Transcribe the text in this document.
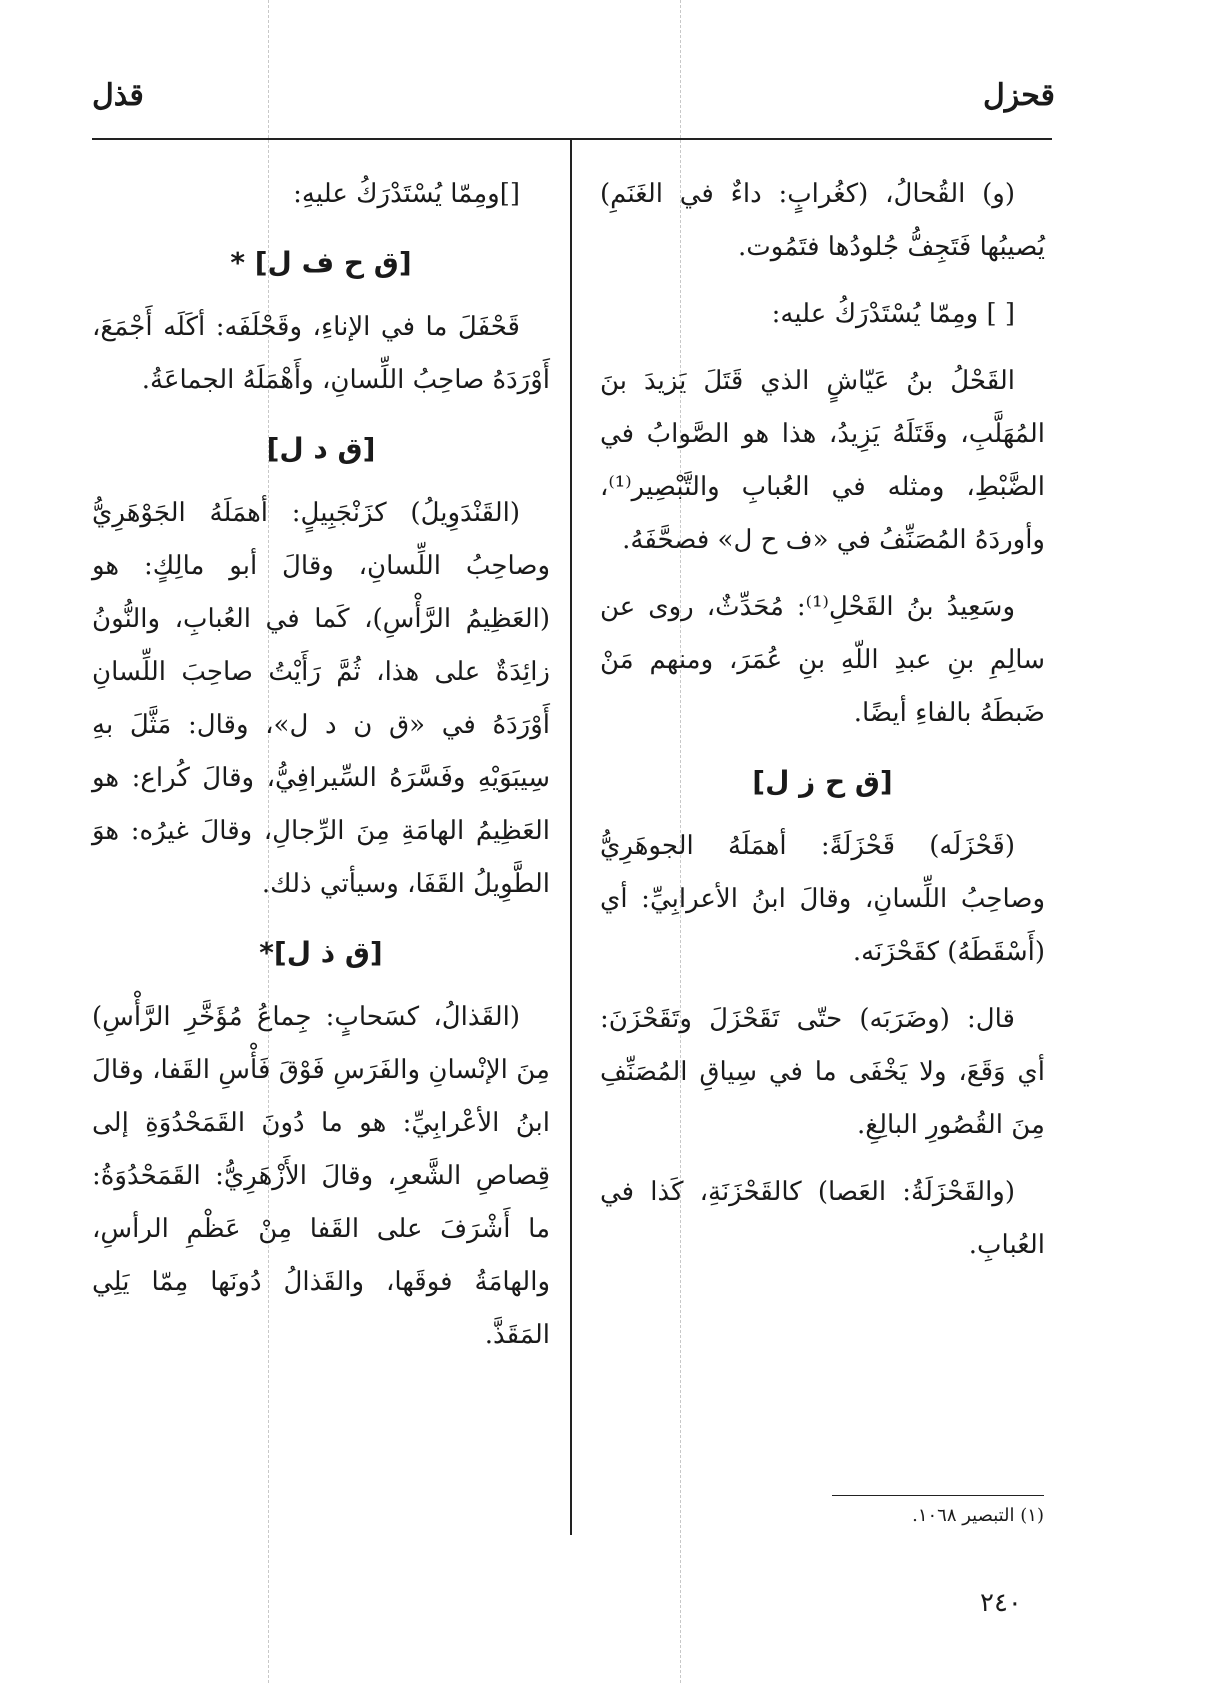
قحزل
قذل

(و) القُحالُ، (كغُرابٍ: داءٌ في الغَنَمِ) يُصيبُها فَتَجِفُّ جُلودُها فتَمُوت.

[ ] ومِمّا يُسْتَدْرَكُ عليه:

القَحْلُ بنُ عَيّاشٍ الذي قَتَلَ يَزيدَ بنَ المُهَلَّبِ، وقَتَلَهُ يَزِيدُ، هذا هو الصَّوابُ في الضَّبْطِ، ومثله في العُبابِ والتَّبْصِير⁽¹⁾، وأوردَهُ المُصَنِّفُ في «ف ح ل» فصحَّفَهُ.

وسَعِيدُ بنُ القَحْلِ⁽¹⁾: مُحَدِّثٌ، روى عن سالِمِ بنِ عبدِ اللّهِ بنِ عُمَرَ، ومنهم مَنْ ضَبطَهُ بالفاءِ أيضًا.

[ق ح ز ل]

(قَحْزَلَه) قَحْزَلَةً: أهمَلَهُ الجوهَرِيُّ وصاحِبُ اللِّسانِ، وقالَ ابنُ الأعرابِيِّ: أي (أَسْقَطَهُ) كقَحْزَنَه.

قال: (وضَرَبَه) حتّى تَقَحْزَلَ وتَقَحْزَنَ: أي وَقَعَ، ولا يَخْفَى ما في سِياقِ المُصَنِّفِ مِنَ القُصُورِ البالِغِ.

(والقَحْزَلَةُ: العَصا) كالقَحْزَنَةِ، كَذا في العُبابِ.

[]ومِمّا يُسْتَدْرَكُ عليهِ:

[ق ح ف ل] *

قَحْفَلَ ما في الإناءِ، وقَحْلَفَه: أكَلَه أَجْمَعَ، أَوْرَدَهُ صاحِبُ اللِّسانِ، وأَهْمَلَهُ الجماعَةُ.

[ق د ل]

(القَنْدَوِيلُ) كزَنْجَبِيلٍ: أهمَلَهُ الجَوْهَرِيُّ وصاحِبُ اللِّسانِ، وقالَ أبو مالِكٍ: هو (العَظِيمُ الرَّأْسِ)، كَما في العُبابِ، والنُّونُ زائِدَةٌ على هذا، ثُمَّ رَأَيْتُ صاحِبَ اللِّسانِ أَوْرَدَهُ في «ق ن د ل»، وقال: مَثَّلَ بهِ سِيبَوَيْهِ وفَسَّرَهُ السِّيرافِيُّ، وقالَ كُراع: هو العَظِيمُ الهامَةِ مِنَ الرِّجالِ، وقالَ غيرُه: هوَ الطَّوِيلُ القَفَا، وسيأتي ذلك.

[ق ذ ل]*

(القَذالُ، كسَحابٍ: جِماعُ مُؤَخَّرِ الرَّأْسِ) مِنَ الإنْسانِ والفَرَسِ فَوْقَ فَأْسِ القَفا، وقالَ ابنُ الأعْرابِيِّ: هو ما دُونَ القَمَحْدُوَةِ إلى قِصاصِ الشَّعرِ، وقالَ الأَزْهَرِيُّ: القَمَحْدُوَةُ: ما أَشْرَفَ على القَفا مِنْ عَظْمِ الرأسِ، والهامَةُ فوقَها، والقَذالُ دُونَها مِمّا يَلِي المَقَذَّ.

(١) التبصير ١٠٦٨.
٢٤٠
